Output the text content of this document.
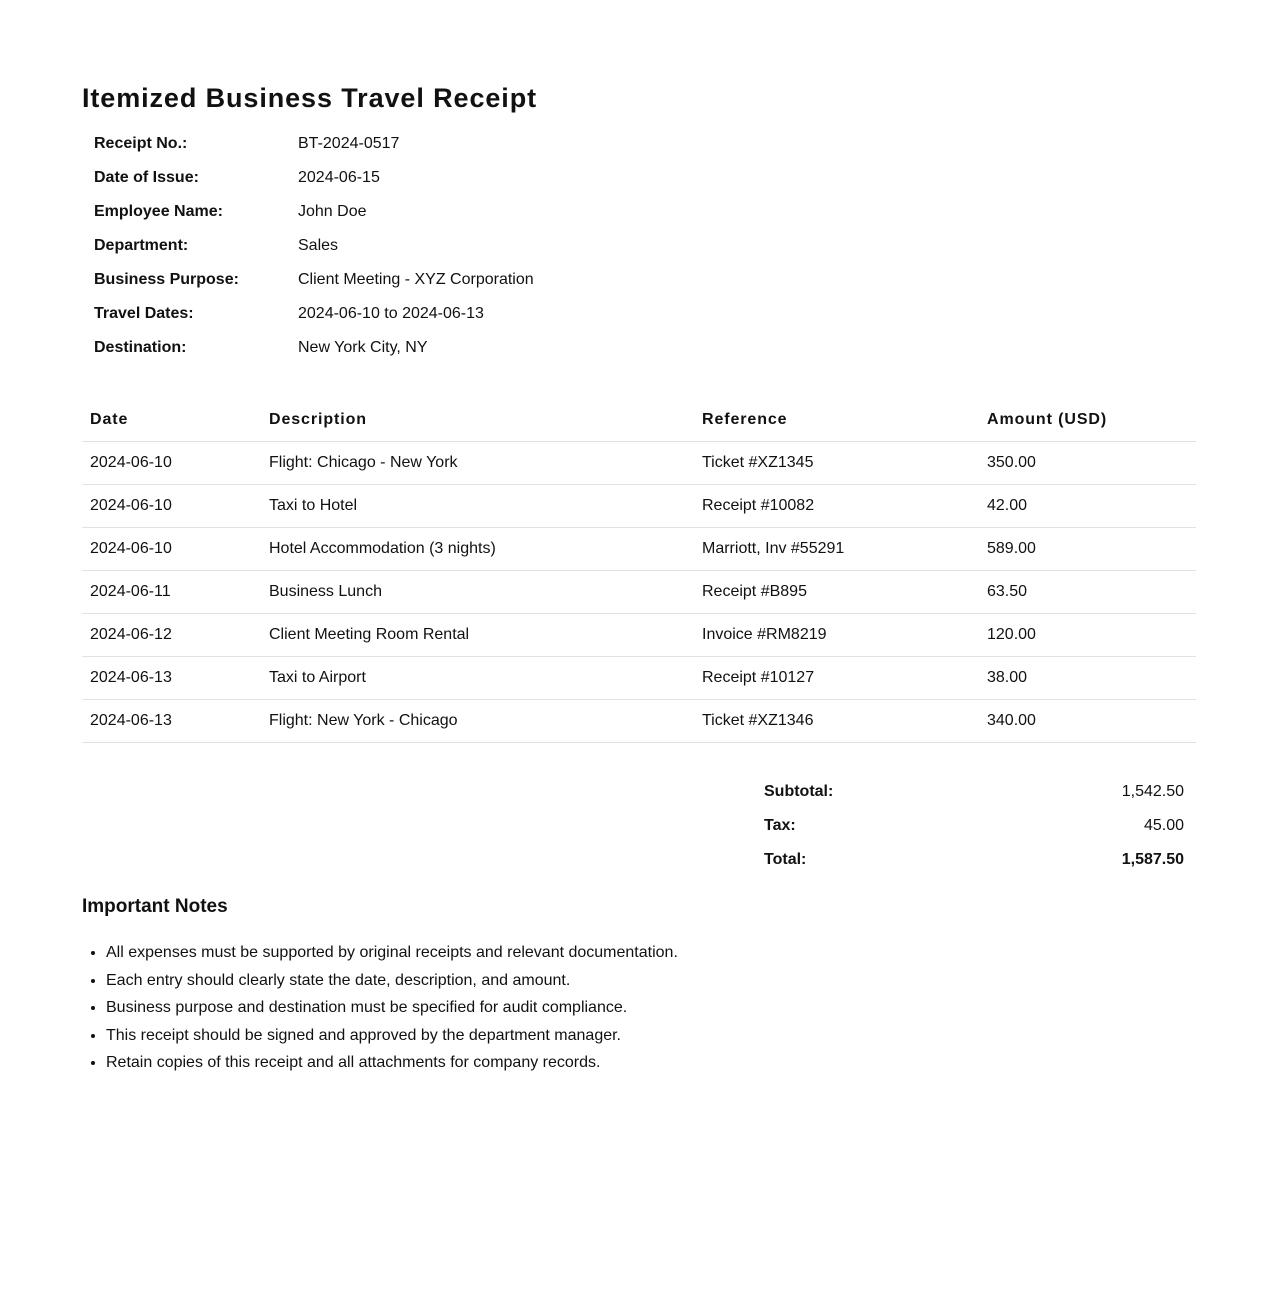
Itemized Business Travel Receipt
Receipt No.:	BT-2024-0517
Date of Issue:	2024-06-15
Employee Name:	John Doe
Department:	Sales
Business Purpose:	Client Meeting - XYZ Corporation
Travel Dates:	2024-06-10 to 2024-06-13
Destination:	New York City, NY
Date	Description	Reference	Amount (USD)
2024-06-10	Flight: Chicago - New York	Ticket #XZ1345	350.00
2024-06-10	Taxi to Hotel	Receipt #10082	42.00
2024-06-10	Hotel Accommodation (3 nights)	Marriott, Inv #55291	589.00
2024-06-11	Business Lunch	Receipt #B895	63.50
2024-06-12	Client Meeting Room Rental	Invoice #RM8219	120.00
2024-06-13	Taxi to Airport	Receipt #10127	38.00
2024-06-13	Flight: New York - Chicago	Ticket #XZ1346	340.00
Subtotal:	1,542.50
Tax:	45.00
Total:	1,587.50
Important Notes
• All expenses must be supported by original receipts and relevant documentation.
• Each entry should clearly state the date, description, and amount.
• Business purpose and destination must be specified for audit compliance.
• This receipt should be signed and approved by the department manager.
• Retain copies of this receipt and all attachments for company records.
